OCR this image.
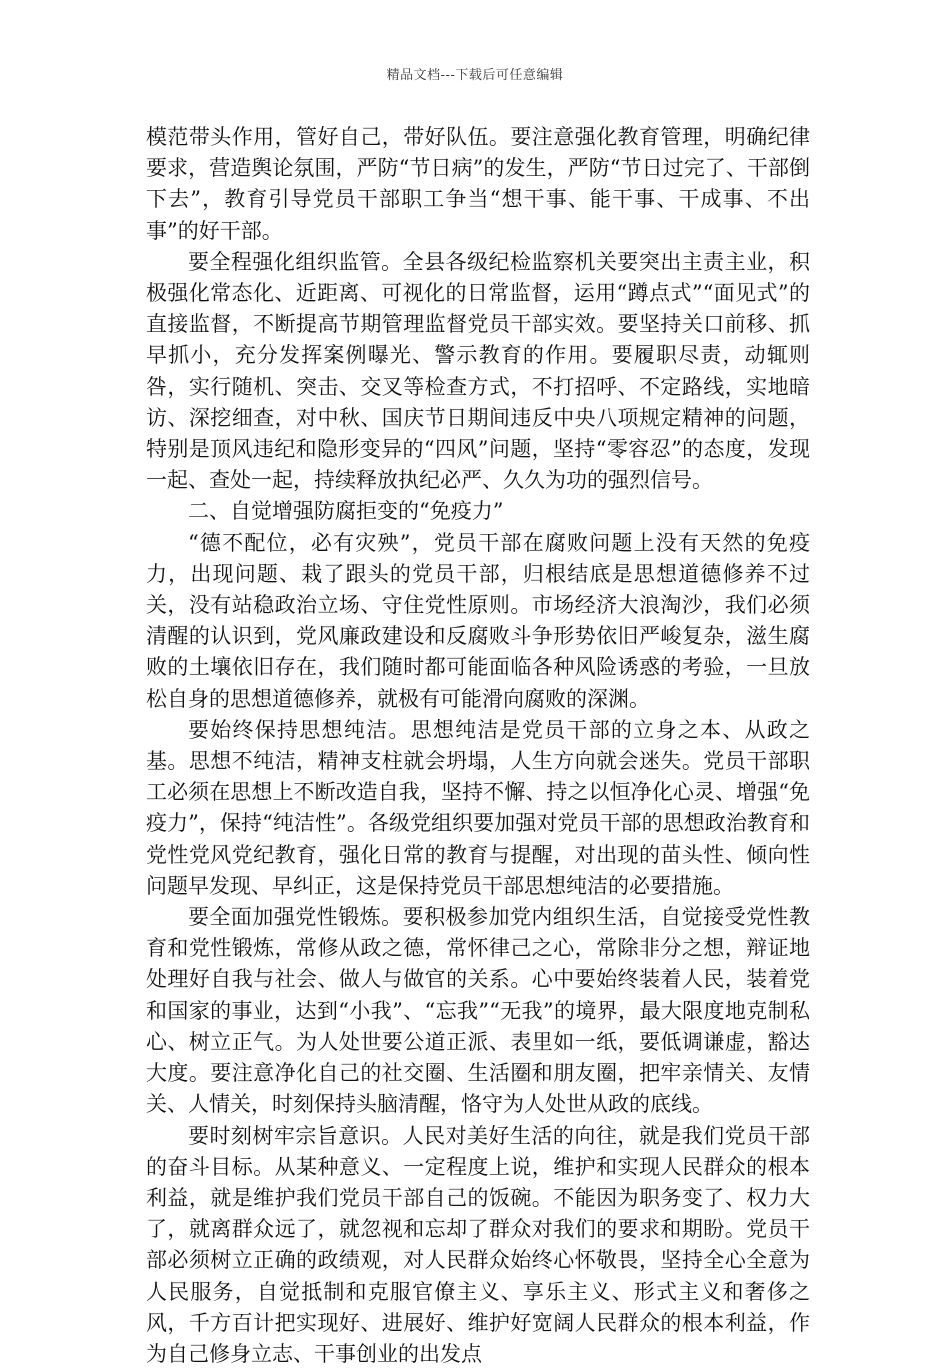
精品文档---下载后可任意编辑

模范带头作用，管好自己，带好队伍。要注意强化教育管理，明确纪律要求，营造舆论氛围，严防“节日病”的发生，严防“节日过完了、干部倒下去”，教育引导党员干部职工争当“想干事、能干事、干成事、不出事”的好干部。

要全程强化组织监管。全县各级纪检监察机关要突出主责主业，积极强化常态化、近距离、可视化的日常监督，运用“蹲点式”“面见式”的直接监督，不断提高节期管理监督党员干部实效。要坚持关口前移、抓早抓小，充分发挥案例曝光、警示教育的作用。要履职尽责，动辄则咎，实行随机、突击、交叉等检查方式，不打招呼、不定路线，实地暗访、深挖细查，对中秋、国庆节日期间违反中央八项规定精神的问题，特别是顶风违纪和隐形变异的“四风”问题，坚持“零容忍”的态度，发现一起、查处一起，持续释放执纪必严、久久为功的强烈信号。

二、自觉增强防腐拒变的“免疫力”

“德不配位，必有灾殃”，党员干部在腐败问题上没有天然的免疫力，出现问题、栽了跟头的党员干部，归根结底是思想道德修养不过关，没有站稳政治立场、守住党性原则。市场经济大浪淘沙，我们必须清醒的认识到，党风廉政建设和反腐败斗争形势依旧严峻复杂，滋生腐败的土壤依旧存在，我们随时都可能面临各种风险诱惑的考验，一旦放松自身的思想道德修养，就极有可能滑向腐败的深渊。

要始终保持思想纯洁。思想纯洁是党员干部的立身之本、从政之基。思想不纯洁，精神支柱就会坍塌，人生方向就会迷失。党员干部职工必须在思想上不断改造自我，坚持不懈、持之以恒净化心灵、增强“免疫力”，保持“纯洁性”。各级党组织要加强对党员干部的思想政治教育和党性党风党纪教育，强化日常的教育与提醒，对出现的苗头性、倾向性问题早发现、早纠正，这是保持党员干部思想纯洁的必要措施。

要全面加强党性锻炼。要积极参加党内组织生活，自觉接受党性教育和党性锻炼，常修从政之德，常怀律己之心，常除非分之想，辩证地处理好自我与社会、做人与做官的关系。心中要始终装着人民，装着党和国家的事业，达到“小我”、“忘我”“无我”的境界，最大限度地克制私心、树立正气。为人处世要公道正派、表里如一纸，要低调谦虚，豁达大度。要注意净化自己的社交圈、生活圈和朋友圈，把牢亲情关、友情关、人情关，时刻保持头脑清醒，恪守为人处世从政的底线。

要时刻树牢宗旨意识。人民对美好生活的向往，就是我们党员干部的奋斗目标。从某种意义、一定程度上说，维护和实现人民群众的根本利益，就是维护我们党员干部自己的饭碗。不能因为职务变了、权力大了，就离群众远了，就忽视和忘却了群众对我们的要求和期盼。党员干部必须树立正确的政绩观，对人民群众始终心怀敬畏，坚持全心全意为人民服务，自觉抵制和克服官僚主义、享乐主义、形式主义和奢侈之风，千方百计把实现好、进展好、维护好宽阔人民群众的根本利益，作为自己修身立志、干事创业的出发点
